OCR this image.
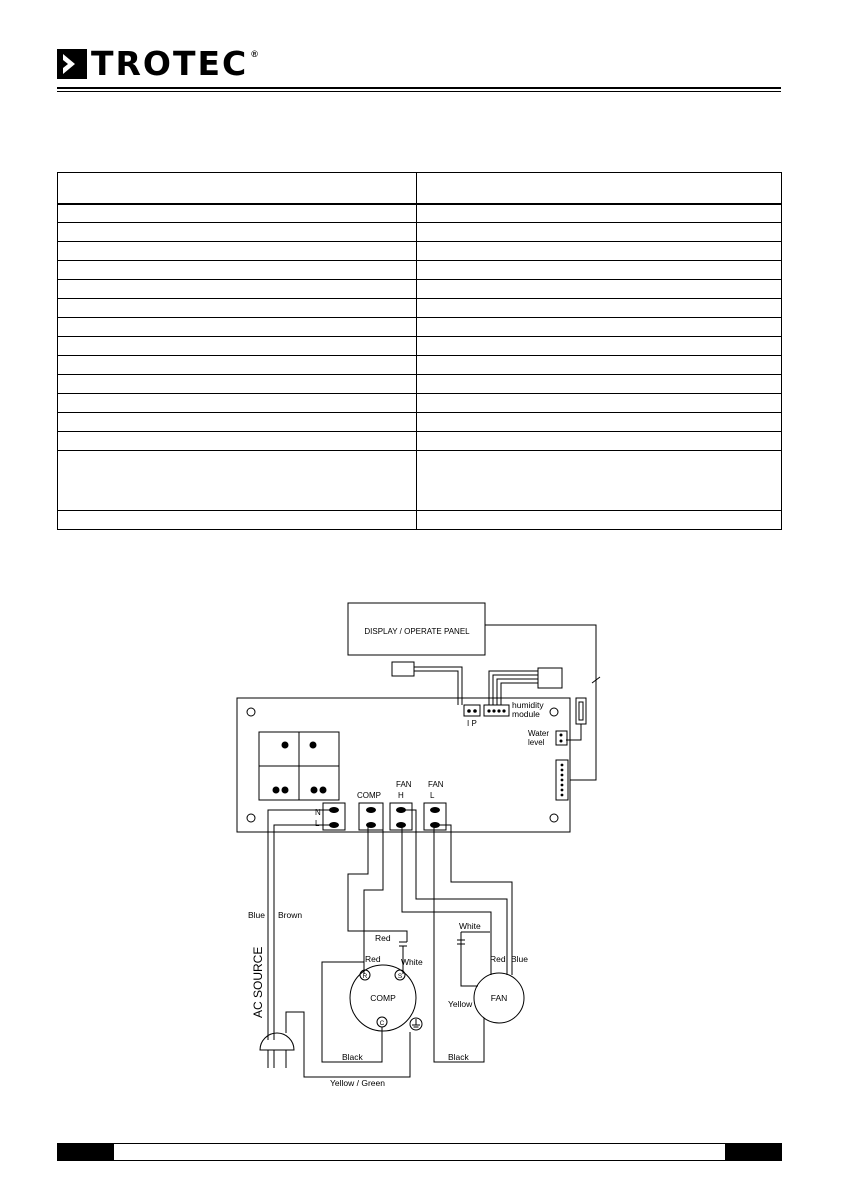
TROTEC ®

DISPLAY / OPERATE PANEL
I P
humidity
module
Water
level
N
L
COMP
FAN
H
FAN
L
Blue Brown
AC SOURCE
Yellow / Green
Red
Red White
COMP
R	S
C
Black
White
Red Blue
Yellow
FAN
Black
